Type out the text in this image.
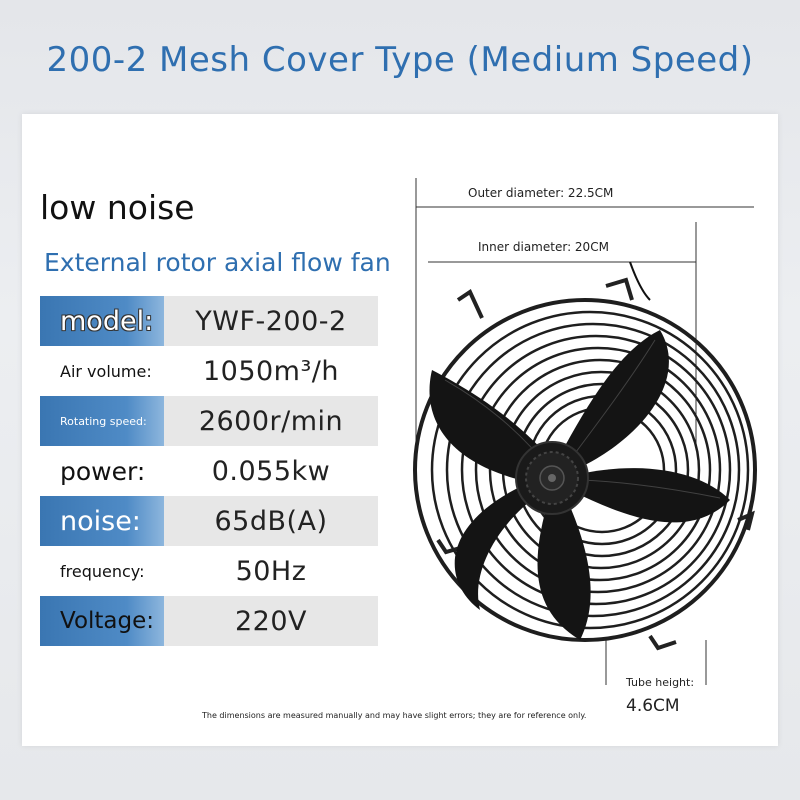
200-2 Mesh Cover Type (Medium Speed)
low noise
External rotor axial flow fan
model:	YWF-200-2
Air volume:	1050m³/h
Rotating speed:	2600r/min
power:	0.055kw
noise:	65dB(A)
frequency:	50Hz
Voltage:	220V
Outer diameter: 22.5CM
Inner diameter: 20CM
Tube height:
4.6CM
The dimensions are measured manually and may have slight errors; they are for reference only.
